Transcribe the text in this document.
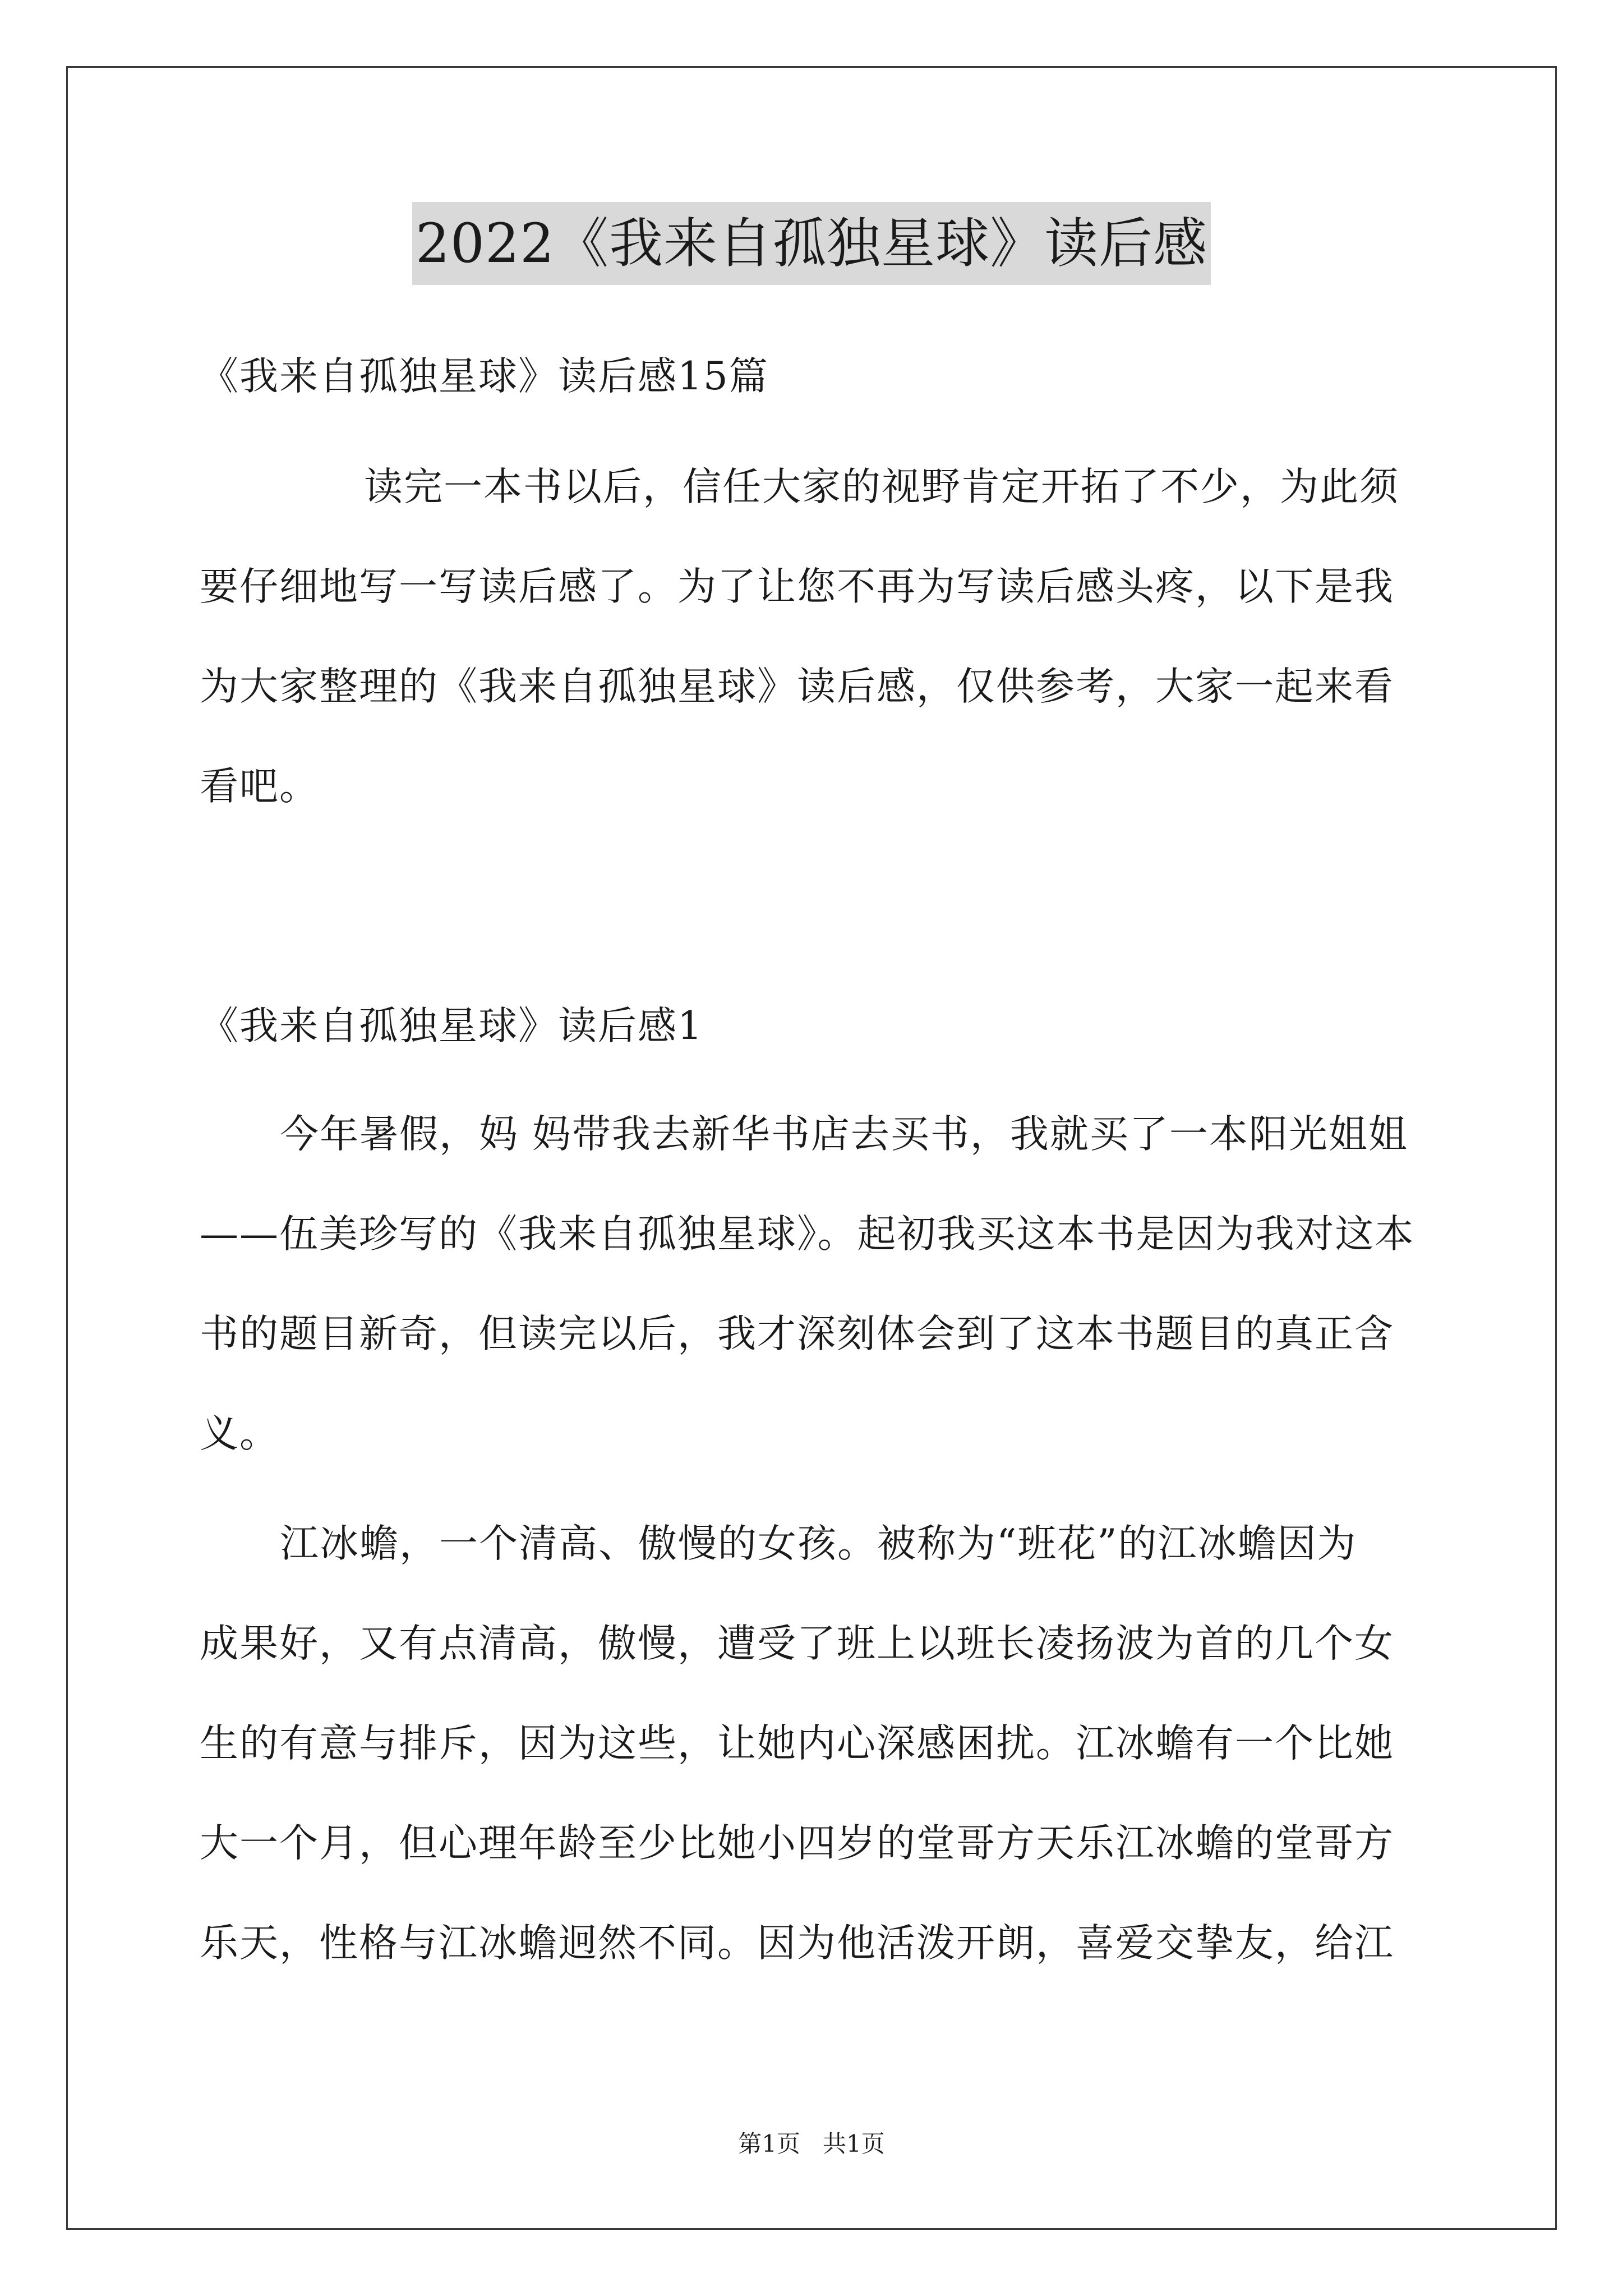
2022《我来自孤独星球》读后感
《我来自孤独星球》读后感15篇
读完一本书以后，信任大家的视野肯定开拓了不少，为此须
要仔细地写一写读后感了。为了让您不再为写读后感头疼，以下是我
为大家整理的《我来自孤独星球》读后感，仅供参考，大家一起来看
看吧。
《我来自孤独星球》读后感1
今年暑假，妈 妈带我去新华书店去买书，我就买了一本阳光姐姐
——伍美珍写的《我来自孤独星球》。起初我买这本书是因为我对这本
书的题目新奇，但读完以后，我才深刻体会到了这本书题目的真正含
义。
江冰蟾，一个清高、傲慢的女孩。被称为“班花”的江冰蟾因为
成果好，又有点清高，傲慢，遭受了班上以班长凌扬波为首的几个女
生的有意与排斥，因为这些，让她内心深感困扰。江冰蟾有一个比她
大一个月，但心理年龄至少比她小四岁的堂哥方天乐江冰蟾的堂哥方
乐天，性格与江冰蟾迥然不同。因为他活泼开朗，喜爱交挚友，给江
第1页 共1页
